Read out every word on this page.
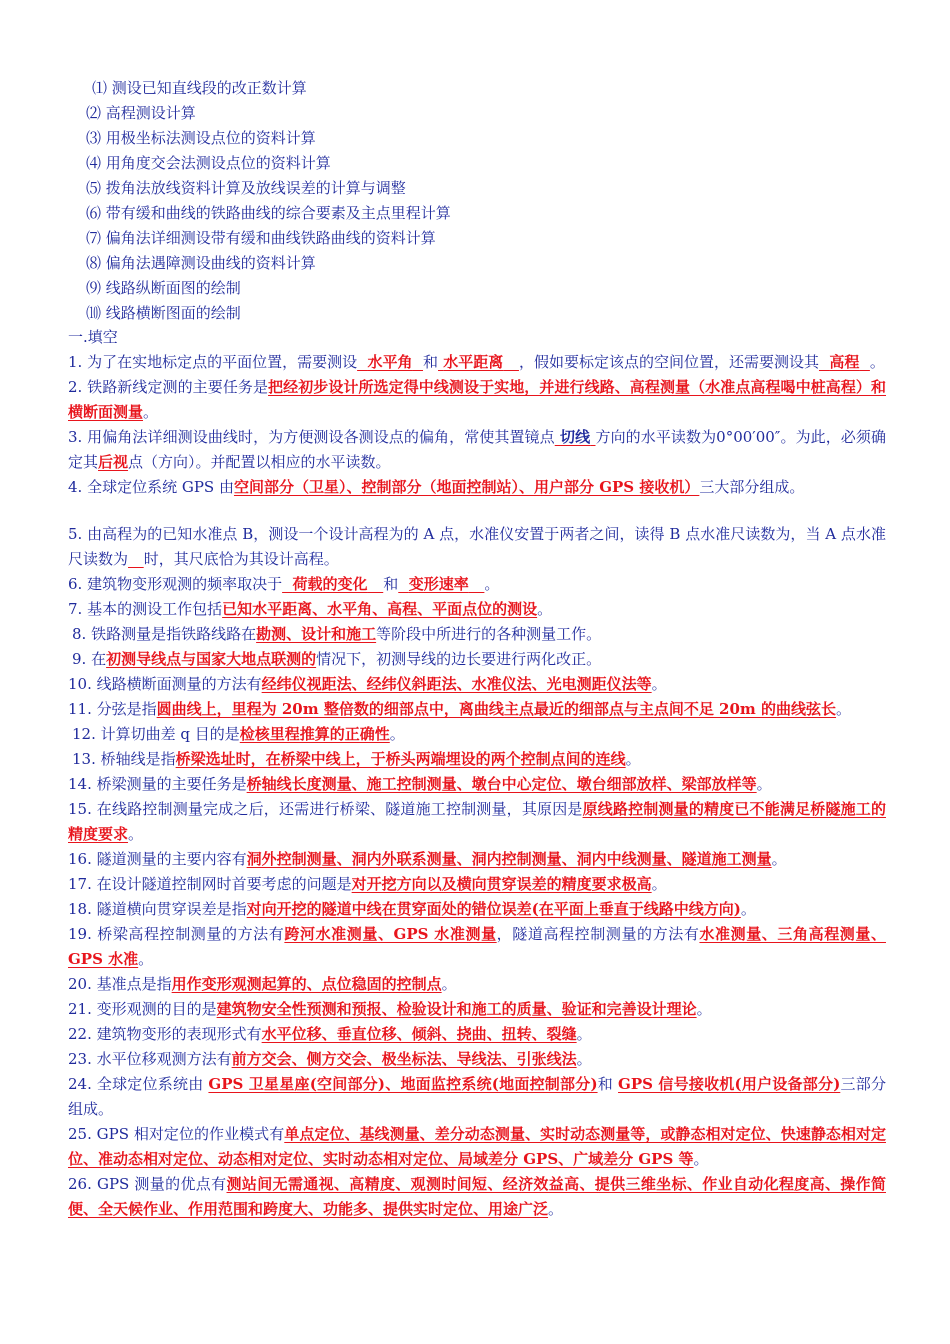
⑴ 测设已知直线段的改正数计算
⑵ 高程测设计算
⑶ 用极坐标法测设点位的资料计算
⑷ 用角度交会法测设点位的资料计算
⑸ 拨角法放线资料计算及放线误差的计算与调整
⑹ 带有缓和曲线的铁路曲线的综合要素及主点里程计算
⑺ 偏角法详细测设带有缓和曲线铁路曲线的资料计算
⑻ 偏角法遇障测设曲线的资料计算
⑼ 线路纵断面图的绘制
⑽ 线路横断图面的绘制
一.填空

1. 为了在实地标定点的平面位置，需要测设 水平角 和 水平距离 ，假如要标定该点的空间位置，还需要测设其 高程 。

2. 铁路新线定测的主要任务是把经初步设计所选定得中线测设于实地，并进行线路、高程测量（水准点高程喝中桩高程）和横断面测量。

3. 用偏角法详细测设曲线时，为方便测设各测设点的偏角，常使其置镜点 切线 方向的水平读数为0°00′00″。为此，必须确定其后视点（方向）。并配置以相应的水平读数。

4. 全球定位系统 GPS 由空间部分（卫星）、控制部分（地面控制站）、用户部分 GPS 接收机）三大部分组成。

5. 由高程为的已知水准点 B，测设一个设计高程为的 A 点，水准仪安置于两者之间，读得 B 点水准尺读数为，当 A 点水准尺读数为 时，其尺底恰为其设计高程。

6. 建筑物变形观测的频率取决于 荷载的变化 和 变形速率 。

7. 基本的测设工作包括已知水平距离、水平角、高程、平面点位的测设。

8. 铁路测量是指铁路线路在勘测、设计和施工等阶段中所进行的各种测量工作。

9. 在初测导线点与国家大地点联测的情况下，初测导线的边长要进行两化改正。

10. 线路横断面测量的方法有经纬仪视距法、经纬仪斜距法、水准仪法、光电测距仪法等。

11. 分弦是指圆曲线上，里程为 20m 整倍数的细部点中，离曲线主点最近的细部点与主点间不足 20m 的曲线弦长。

12. 计算切曲差 q 目的是检核里程推算的正确性。

13. 桥轴线是指桥梁选址时，在桥梁中线上，于桥头两端埋设的两个控制点间的连线。

14. 桥梁测量的主要任务是桥轴线长度测量、施工控制测量、墩台中心定位、墩台细部放样、梁部放样等。

15. 在线路控制测量完成之后，还需进行桥梁、隧道施工控制测量，其原因是原线路控制测量的精度已不能满足桥隧施工的精度要求。

16. 隧道测量的主要内容有洞外控制测量、洞内外联系测量、洞内控制测量、洞内中线测量、隧道施工测量。

17. 在设计隧道控制网时首要考虑的问题是对开挖方向以及横向贯穿误差的精度要求极高。

18. 隧道横向贯穿误差是指对向开挖的隧道中线在贯穿面处的错位误差(在平面上垂直于线路中线方向)。

19. 桥梁高程控制测量的方法有跨河水准测量、GPS 水准测量，隧道高程控制测量的方法有水准测量、三角高程测量、GPS 水准。

20. 基准点是指用作变形观测起算的、点位稳固的控制点。

21. 变形观测的目的是建筑物安全性预测和预报、检验设计和施工的质量、验证和完善设计理论。

22. 建筑物变形的表现形式有水平位移、垂直位移、倾斜、挠曲、扭转、裂缝。

23. 水平位移观测方法有前方交会、侧方交会、极坐标法、导线法、引张线法。

24. 全球定位系统由 GPS 卫星星座(空间部分)、地面监控系统(地面控制部分)和 GPS 信号接收机(用户设备部分)三部分组成。

25. GPS 相对定位的作业模式有单点定位、基线测量、差分动态测量、实时动态测量等，或静态相对定位、快速静态相对定位、准动态相对定位、动态相对定位、实时动态相对定位、局域差分 GPS、广域差分 GPS 等。

26. GPS 测量的优点有测站间无需通视、高精度、观测时间短、经济效益高、提供三维坐标、作业自动化程度高、操作简便、全天候作业、作用范围和跨度大、功能多、提供实时定位、用途广泛。
